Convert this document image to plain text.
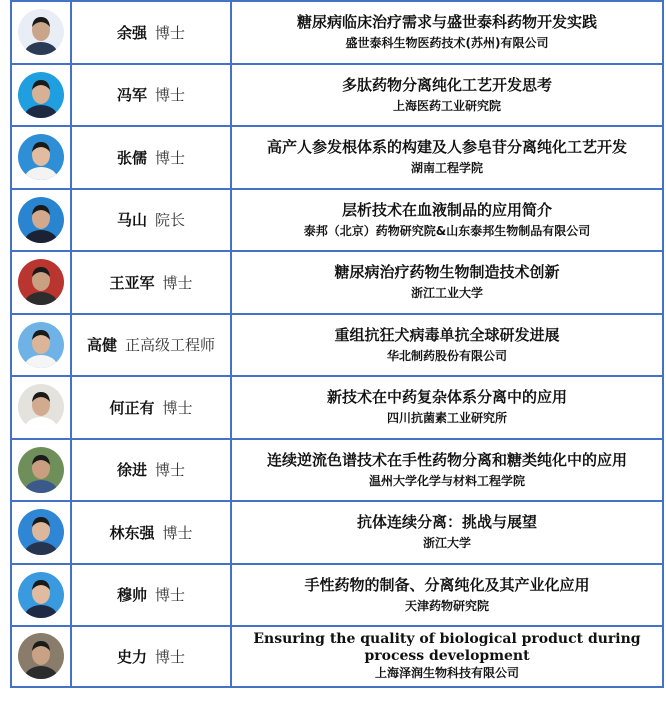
余强 博士
糖尿病临床治疗需求与盛世泰科药物开发实践
盛世泰科生物医药技术(苏州)有限公司
冯军 博士
多肽药物分离纯化工艺开发思考
上海医药工业研究院
张儒 博士
高产人参发根体系的构建及人参皂苷分离纯化工艺开发
湖南工程学院
马山 院长
层析技术在血液制品的应用简介
泰邦（北京）药物研究院&山东泰邦生物制品有限公司
王亚军 博士
糖尿病治疗药物生物制造技术创新
浙江工业大学
高健 正高级工程师
重组抗狂犬病毒单抗全球研发进展
华北制药股份有限公司
何正有 博士
新技术在中药复杂体系分离中的应用
四川抗菌素工业研究所
徐进 博士
连续逆流色谱技术在手性药物分离和糖类纯化中的应用
温州大学化学与材料工程学院
林东强 博士
抗体连续分离：挑战与展望
浙江大学
穆帅 博士
手性药物的制备、分离纯化及其产业化应用
天津药物研究院
史力 博士
Ensuring the quality of biological product during process development
上海泽润生物科技有限公司
